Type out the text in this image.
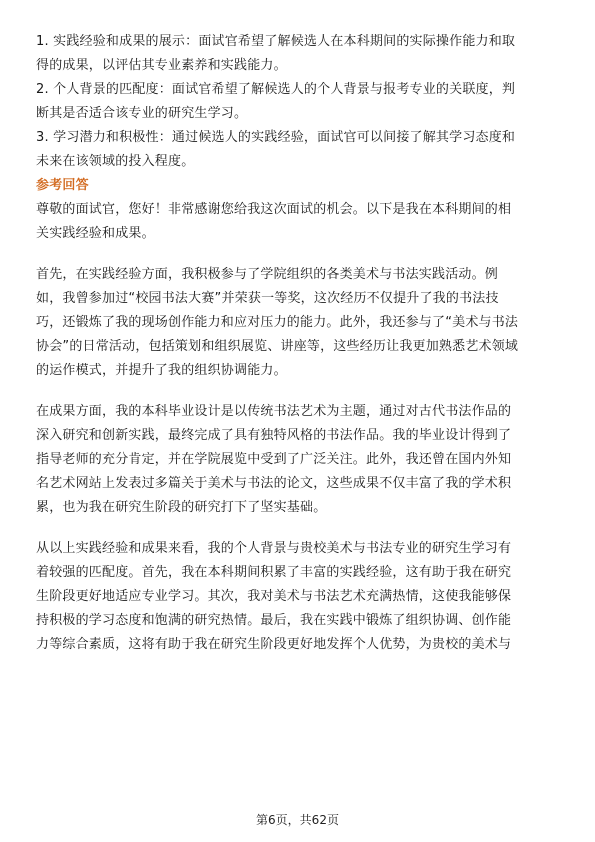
1. 实践经验和成果的展示：面试官希望了解候选人在本科期间的实际操作能力和取
得的成果，以评估其专业素养和实践能力。
2. 个人背景的匹配度：面试官希望了解候选人的个人背景与报考专业的关联度，判
断其是否适合该专业的研究生学习。
3. 学习潜力和积极性：通过候选人的实践经验，面试官可以间接了解其学习态度和
未来在该领域的投入程度。
参考回答
尊敬的面试官，您好！非常感谢您给我这次面试的机会。以下是我在本科期间的相
关实践经验和成果。
首先，在实践经验方面，我积极参与了学院组织的各类美术与书法实践活动。例
如，我曾参加过“校园书法大赛”并荣获一等奖，这次经历不仅提升了我的书法技
巧，还锻炼了我的现场创作能力和应对压力的能力。此外，我还参与了“美术与书法
协会”的日常活动，包括策划和组织展览、讲座等，这些经历让我更加熟悉艺术领域
的运作模式，并提升了我的组织协调能力。
在成果方面，我的本科毕业设计是以传统书法艺术为主题，通过对古代书法作品的
深入研究和创新实践，最终完成了具有独特风格的书法作品。我的毕业设计得到了
指导老师的充分肯定，并在学院展览中受到了广泛关注。此外，我还曾在国内外知
名艺术网站上发表过多篇关于美术与书法的论文，这些成果不仅丰富了我的学术积
累，也为我在研究生阶段的研究打下了坚实基础。
从以上实践经验和成果来看，我的个人背景与贵校美术与书法专业的研究生学习有
着较强的匹配度。首先，我在本科期间积累了丰富的实践经验，这有助于我在研究
生阶段更好地适应专业学习。其次，我对美术与书法艺术充满热情，这使我能够保
持积极的学习态度和饱满的研究热情。最后，我在实践中锻炼了组织协调、创作能
力等综合素质，这将有助于我在研究生阶段更好地发挥个人优势，为贵校的美术与
第6页，共62页
